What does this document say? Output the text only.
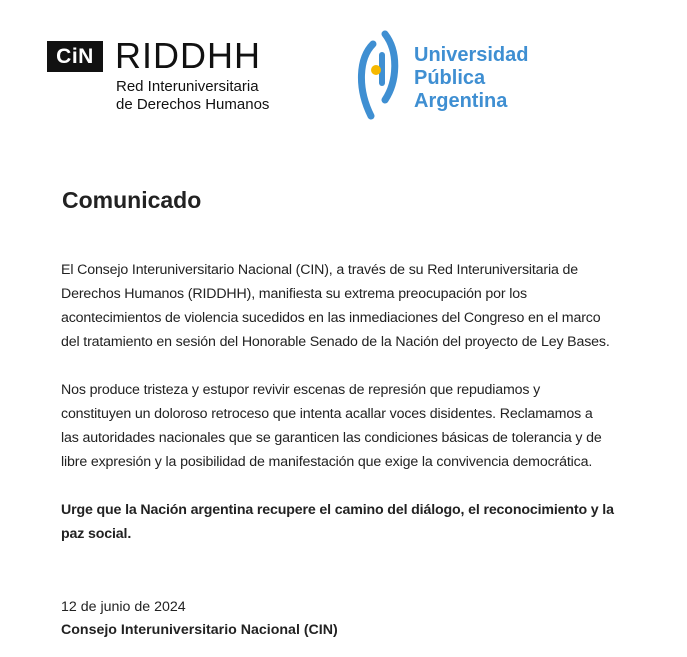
CiN RIDDHH
Red Interuniversitaria
de Derechos Humanos
Universidad
Pública
Argentina
Comunicado
El Consejo Interuniversitario Nacional (CIN), a través de su Red Interuniversitaria de
Derechos Humanos (RIDDHH), manifiesta su extrema preocupación por los
acontecimientos de violencia sucedidos en las inmediaciones del Congreso en el marco
del tratamiento en sesión del Honorable Senado de la Nación del proyecto de Ley Bases.
Nos produce tristeza y estupor revivir escenas de represión que repudiamos y
constituyen un doloroso retroceso que intenta acallar voces disidentes. Reclamamos a
las autoridades nacionales que se garanticen las condiciones básicas de tolerancia y de
libre expresión y la posibilidad de manifestación que exige la convivencia democrática.
Urge que la Nación argentina recupere el camino del diálogo, el reconocimiento y la
paz social.
12 de junio de 2024
Consejo Interuniversitario Nacional (CIN)
